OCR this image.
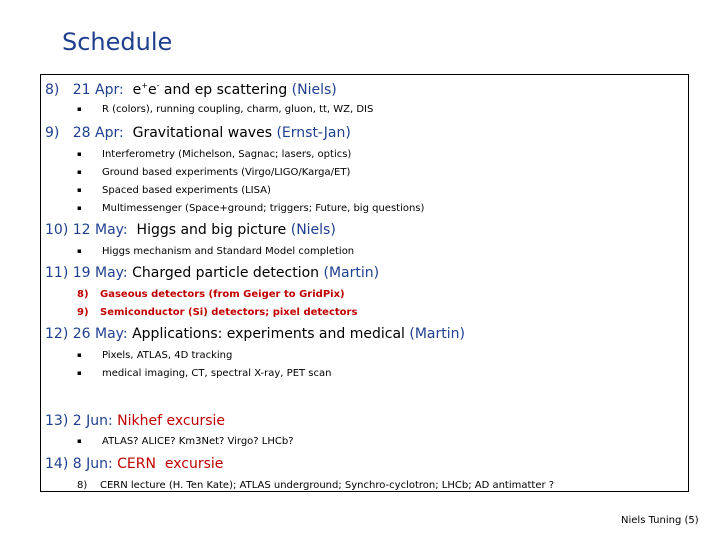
Schedule
8) 21 Apr: e+e- and ep scattering (Niels)
▪ R (colors), running coupling, charm, gluon, tt, WZ, DIS
9) 28 Apr: Gravitational waves (Ernst-Jan)
▪ Interferometry (Michelson, Sagnac; lasers, optics)
▪ Ground based experiments (Virgo/LIGO/Karga/ET)
▪ Spaced based experiments (LISA)
▪ Multimessenger (Space+ground; triggers; Future, big questions)
10) 12 May: Higgs and big picture (Niels)
▪ Higgs mechanism and Standard Model completion
11) 19 May: Charged particle detection (Martin)
8) Gaseous detectors (from Geiger to GridPix)
9) Semiconductor (Si) detectors; pixel detectors
12) 26 May: Applications: experiments and medical (Martin)
▪ Pixels, ATLAS, 4D tracking
▪ medical imaging, CT, spectral X-ray, PET scan
13) 2 Jun: Nikhef excursie
▪ ATLAS? ALICE? Km3Net? Virgo? LHCb?
14) 8 Jun: CERN  excursie
8) CERN lecture (H. Ten Kate); ATLAS underground; Synchro-cyclotron; LHCb; AD antimatter ?
Niels Tuning (5)
